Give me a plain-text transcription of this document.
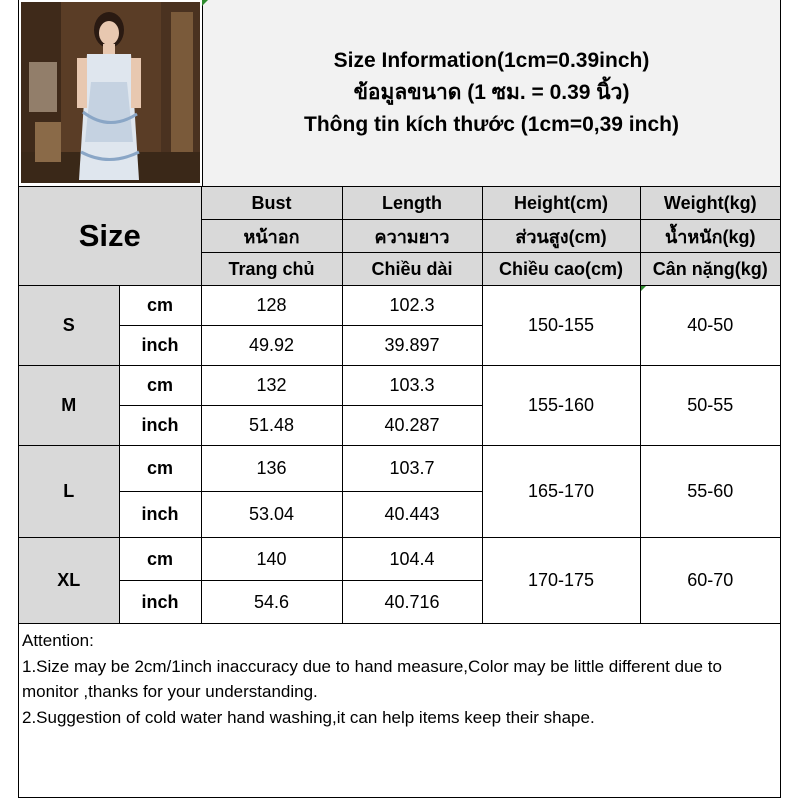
Size Information(1cm=0.39inch)
ข้อมูลขนาด (1 ซม. = 0.39 นิ้ว)
Thông tin kích thước (1cm=0,39 inch)
Size		Bust	Length	Height(cm)	Weight(kg)
		หน้าอก	ความยาว	ส่วนสูง(cm)	น้ำหนัก(kg)
		Trang chủ	Chiều dài	Chiều cao(cm)	Cân nặng(kg)
S	cm	128	102.3	150-155	40-50
	inch	49.92	39.897		
M	cm	132	103.3	155-160	50-55
	inch	51.48	40.287		
L	cm	136	103.7	165-170	55-60
	inch	53.04	40.443		
XL	cm	140	104.4	170-175	60-70
	inch	54.6	40.716		

Attention:

1.Size may be 2cm/1inch inaccuracy due to hand measure,Color may be little different due to monitor ,thanks for your understanding.

2.Suggestion of cold water hand washing,it can help items keep their shape.
